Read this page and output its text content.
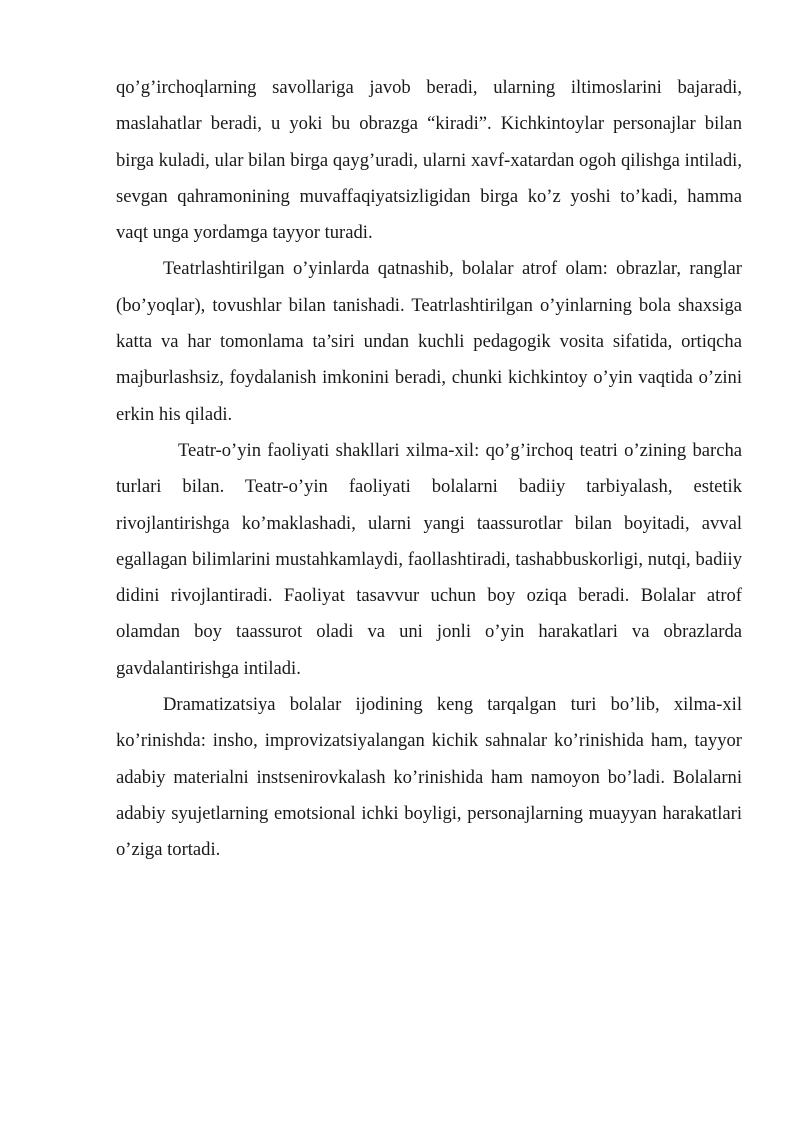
qo’g’irchoqlarning savollariga javob beradi, ularning iltimoslarini bajaradi, maslahatlar beradi, u yoki bu obrazga “kiradi”. Kichkintoylar personajlar bilan birga kuladi, ular bilan birga qayg’uradi, ularni xavf-xatardan ogoh qilishga intiladi, sevgan qahramonining muvaffaqiyatsizligidan birga ko’z yoshi to’kadi, hamma vaqt unga yordamga tayyor turadi.

Teatrlashtirilgan o’yinlarda qatnashib, bolalar atrof olam: obrazlar, ranglar (bo’yoqlar), tovushlar bilan tanishadi. Teatrlashtirilgan o’yinlarning bola shaxsiga katta va har tomonlama ta’siri undan kuchli pedagogik vosita sifatida, ortiqcha majburlashsiz, foydalanish imkonini beradi, chunki kichkintoy o’yin vaqtida o’zini erkin his qiladi.

Teatr-o’yin faoliyati shakllari xilma-xil: qo’g’irchoq teatri o’zining barcha turlari bilan. Teatr-o’yin faoliyati bolalarni badiiy tarbiyalash, estetik rivojlantirishga ko’maklashadi, ularni yangi taassurotlar bilan boyitadi, avval egallagan bilimlarini mustahkamlaydi, faollashtiradi, tashabbuskorligi, nutqi, badiiy didini rivojlantiradi. Faoliyat tasavvur uchun boy oziqa beradi. Bolalar atrof olamdan boy taassurot oladi va uni jonli o’yin harakatlari va obrazlarda gavdalantirishga intiladi.

Dramatizatsiya bolalar ijodining keng tarqalgan turi bo’lib, xilma-xil ko’rinishda: insho, improvizatsiyalangan kichik sahnalar ko’rinishida ham, tayyor adabiy materialni instsenirovkalash ko’rinishida ham namoyon bo’ladi. Bolalarni adabiy syujetlarning emotsional ichki boyligi, personajlarning muayyan harakatlari o’ziga tortadi.
